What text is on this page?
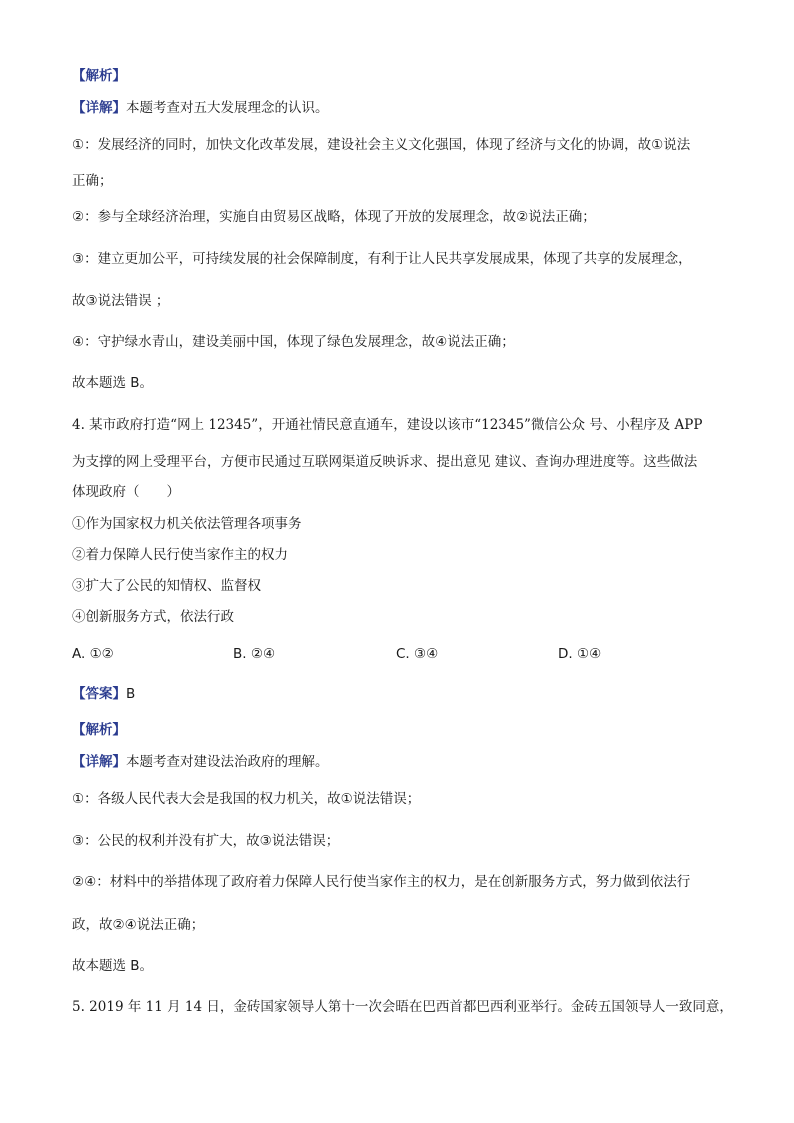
【解析】

【详解】本题考查对五大发展理念的认识。

①：发展经济的同时，加快文化改革发展，建设社会主义文化强国，体现了经济与文化的协调，故①说法

正确；

②：参与全球经济治理，实施自由贸易区战略，体现了开放的发展理念，故②说法正确；

③：建立更加公平，可持续发展的社会保障制度，有利于让人民共享发展成果，体现了共享的发展理念，

故③说法错误 ；

④：守护绿水青山，建设美丽中国，体现了绿色发展理念，故④说法正确；

故本题选 B。

4. 某市政府打造“网上 12345”，开通社情民意直通车，建设以该市“12345”微信公众 号、小程序及 APP

为支撑的网上受理平台，方便市民通过互联网渠道反映诉求、提出意见 建议、查询办理进度等。这些做法

体现政府（　　）

①作为国家权力机关依法管理各项事务

②着力保障人民行使当家作主的权力

③扩大了公民的知情权、监督权

④创新服务方式，依法行政

A. ①②	B. ②④	C. ③④	D. ①④

【答案】B

【解析】

【详解】本题考查对建设法治政府的理解。

①：各级人民代表大会是我国的权力机关，故①说法错误；

③：公民的权利并没有扩大，故③说法错误；

②④：材料中的举措体现了政府着力保障人民行使当家作主的权力，是在创新服务方式，努力做到依法行

政，故②④说法正确；

故本题选 B。

5. 2019 年 11 月 14 日，金砖国家领导人第十一次会晤在巴西首都巴西利亚举行。金砖五国领导人一致同意，
